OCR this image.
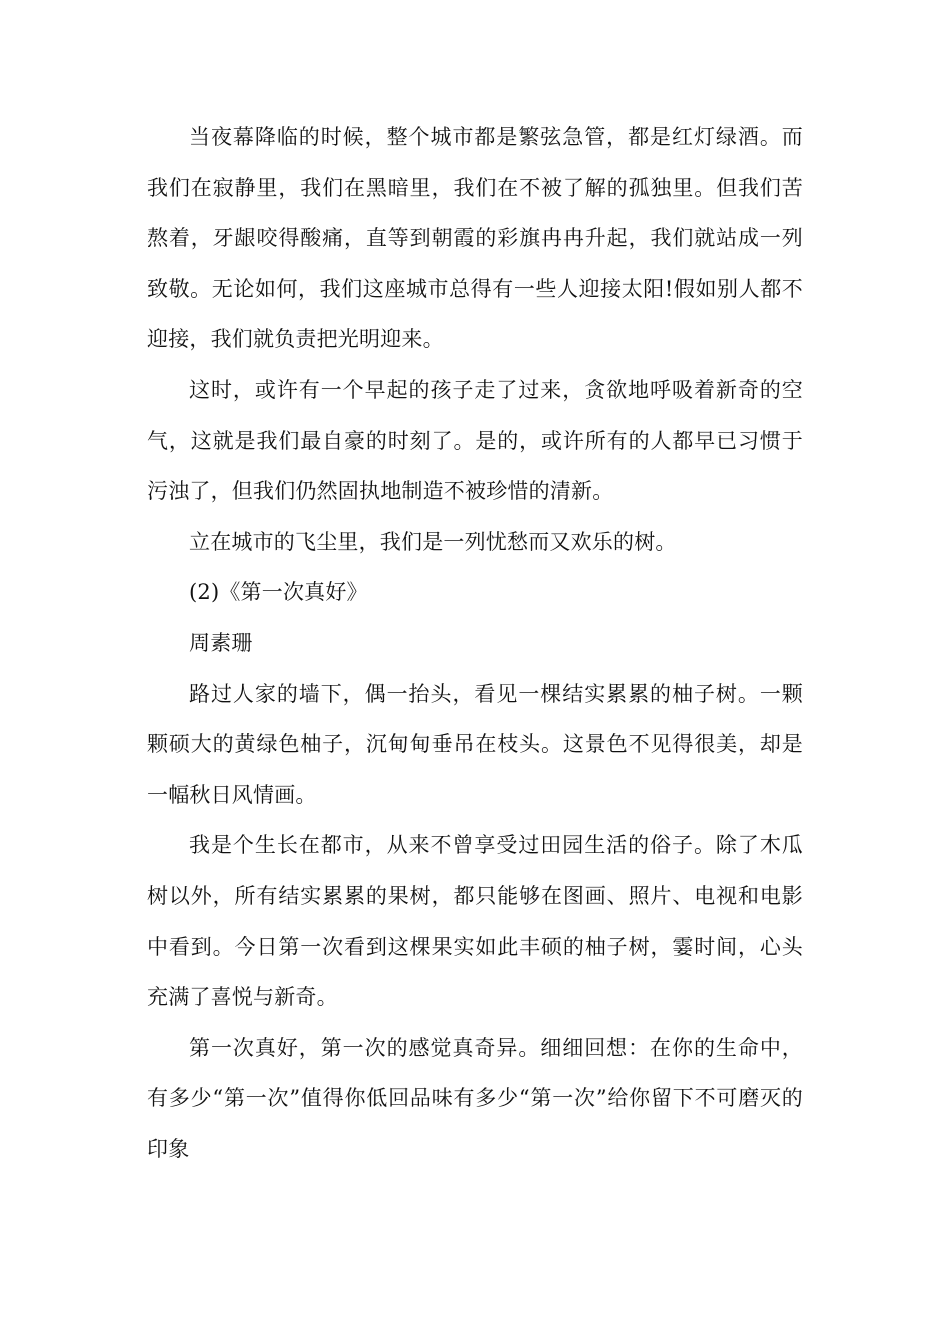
当夜幕降临的时候，整个城市都是繁弦急管，都是红灯绿酒。而我们在寂静里，我们在黑暗里，我们在不被了解的孤独里。但我们苦熬着，牙龈咬得酸痛，直等到朝霞的彩旗冉冉升起，我们就站成一列致敬。无论如何，我们这座城市总得有一些人迎接太阳!假如别人都不迎接，我们就负责把光明迎来。

这时，或许有一个早起的孩子走了过来，贪欲地呼吸着新奇的空气，这就是我们最自豪的时刻了。是的，或许所有的人都早已习惯于污浊了，但我们仍然固执地制造不被珍惜的清新。

立在城市的飞尘里，我们是一列忧愁而又欢乐的树。

(2)《第一次真好》

周素珊

路过人家的墙下，偶一抬头，看见一棵结实累累的柚子树。一颗颗硕大的黄绿色柚子，沉甸甸垂吊在枝头。这景色不见得很美，却是一幅秋日风情画。

我是个生长在都市，从来不曾享受过田园生活的俗子。除了木瓜树以外，所有结实累累的果树，都只能够在图画、照片、电视和电影中看到。今日第一次看到这棵果实如此丰硕的柚子树，霎时间，心头充满了喜悦与新奇。

第一次真好，第一次的感觉真奇异。细细回想：在你的生命中，有多少“第一次”值得你低回品味有多少“第一次”给你留下不可磨灭的印象
